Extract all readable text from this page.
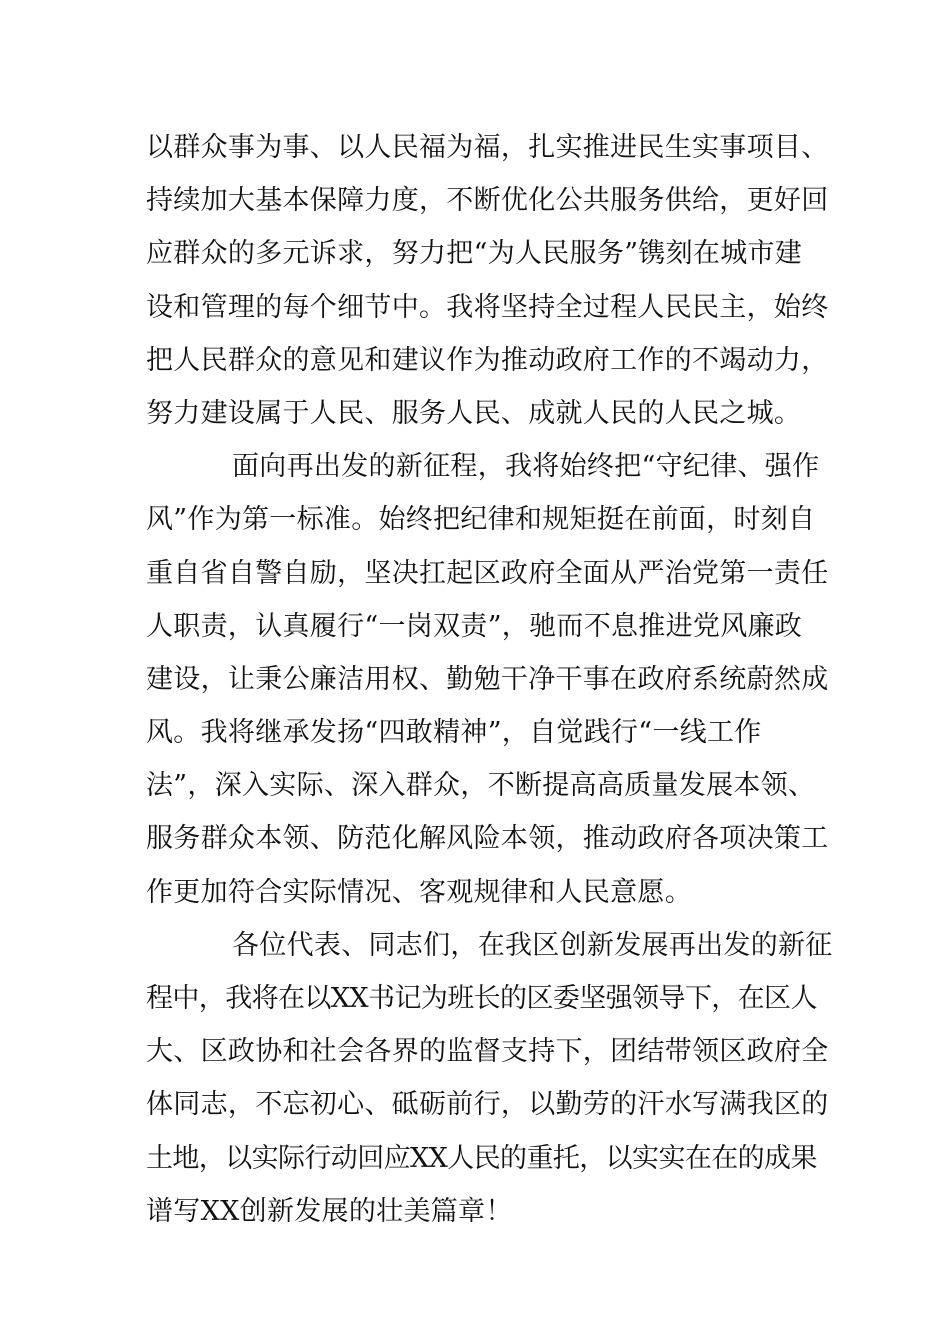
以群众事为事、以人民福为福，扎实推进民生实事项目、
持续加大基本保障力度，不断优化公共服务供给，更好回
应群众的多元诉求，努力把“为人民服务”镌刻在城市建
设和管理的每个细节中。我将坚持全过程人民民主，始终
把人民群众的意见和建议作为推动政府工作的不竭动力，
努力建设属于人民、服务人民、成就人民的人民之城。
面向再出发的新征程，我将始终把“守纪律、强作
风”作为第一标准。始终把纪律和规矩挺在前面，时刻自
重自省自警自励，坚决扛起区政府全面从严治党第一责任
人职责，认真履行“一岗双责”，驰而不息推进党风廉政
建设，让秉公廉洁用权、勤勉干净干事在政府系统蔚然成
风。我将继承发扬“四敢精神”，自觉践行“一线工作
法”，深入实际、深入群众，不断提高高质量发展本领、
服务群众本领、防范化解风险本领，推动政府各项决策工
作更加符合实际情况、客观规律和人民意愿。
各位代表、同志们，在我区创新发展再出发的新征
程中，我将在以XX书记为班长的区委坚强领导下，在区人
大、区政协和社会各界的监督支持下，团结带领区政府全
体同志，不忘初心、砥砺前行，以勤劳的汗水写满我区的
土地，以实际行动回应XX人民的重托，以实实在在的成果
谱写XX创新发展的壮美篇章！
